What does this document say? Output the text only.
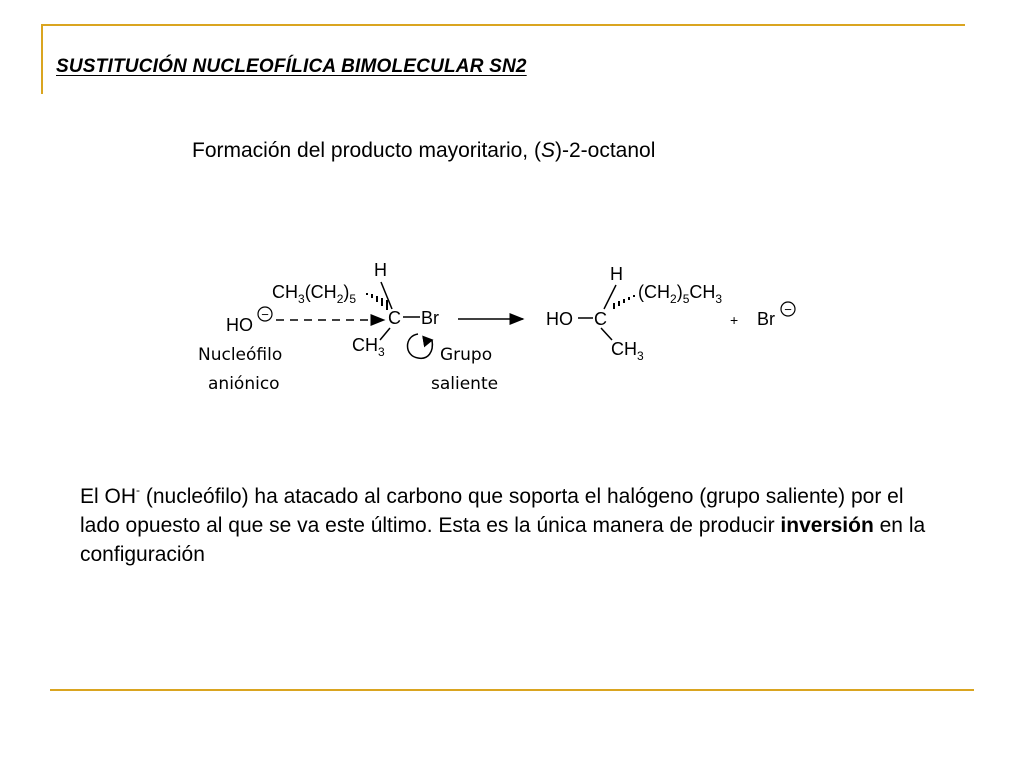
SUSTITUCIÓN NUCLEOFÍLICA BIMOLECULAR SN2
Formación del producto mayoritario, (S)-2-octanol
$CH_3(CH_2)_5$
H
C Br
$CH_3$
HO
−
Nucleófilo
aniónico
Grupo
saliente
HO C
H
$(CH_2)_5CH_3$
$CH_3$
+ Br −
El OH- (nucleófilo) ha atacado al carbono que soporta el halógeno (grupo saliente) por el lado opuesto al que se va este último. Esta es la única manera de producir inversión en la configuración
